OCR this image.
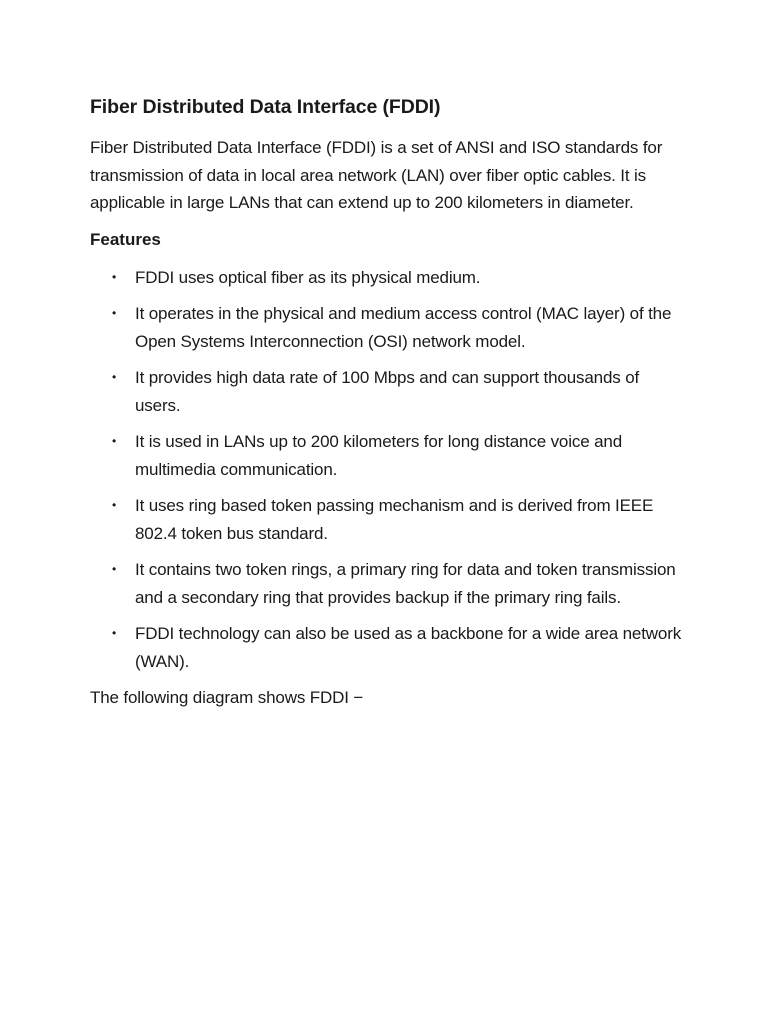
Fiber Distributed Data Interface (FDDI)

Fiber Distributed Data Interface (FDDI) is a set of ANSI and ISO standards for transmission of data in local area network (LAN) over fiber optic cables. It is applicable in large LANs that can extend up to 200 kilometers in diameter.

Features
• FDDI uses optical fiber as its physical medium.
• It operates in the physical and medium access control (MAC layer) of the Open Systems Interconnection (OSI) network model.
• It provides high data rate of 100 Mbps and can support thousands of users.
• It is used in LANs up to 200 kilometers for long distance voice and multimedia communication.
• It uses ring based token passing mechanism and is derived from IEEE 802.4 token bus standard.
• It contains two token rings, a primary ring for data and token transmission and a secondary ring that provides backup if the primary ring fails.
• FDDI technology can also be used as a backbone for a wide area network (WAN).

The following diagram shows FDDI −
